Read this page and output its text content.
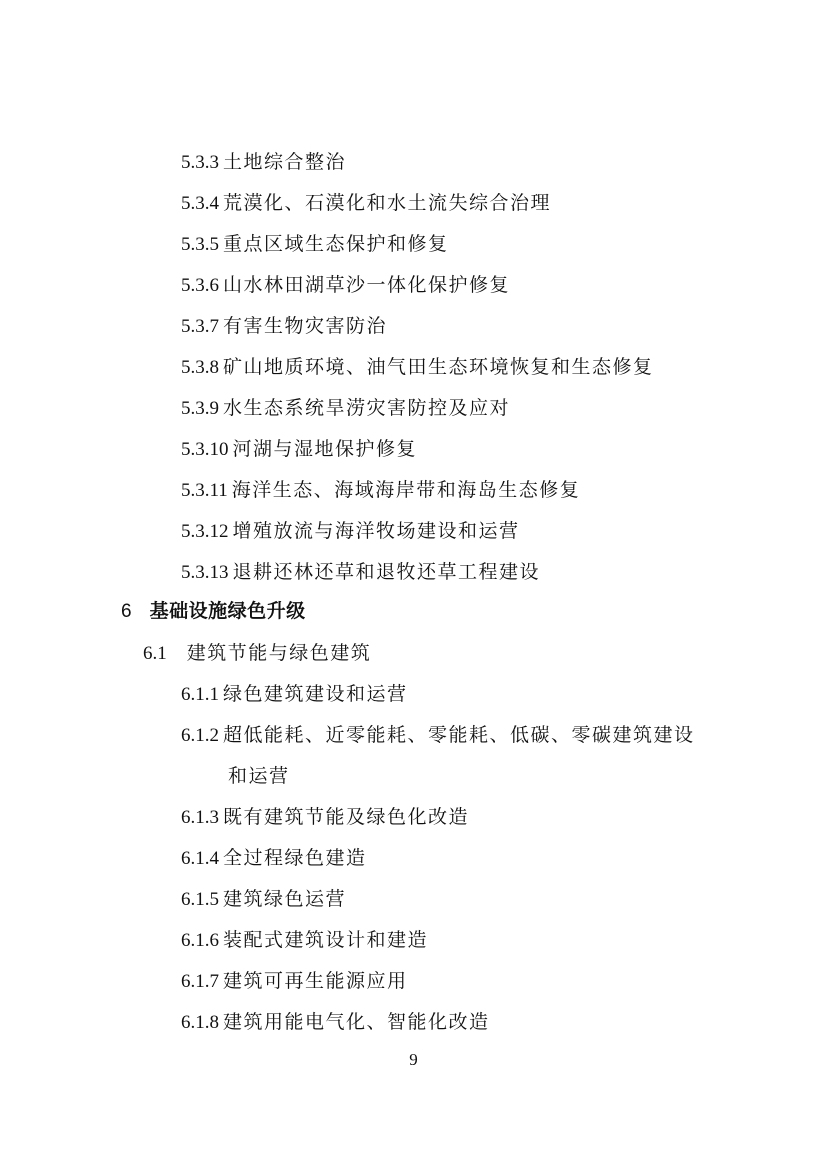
5.3.3 土地综合整治
5.3.4 荒漠化、石漠化和水土流失综合治理
5.3.5 重点区域生态保护和修复
5.3.6 山水林田湖草沙一体化保护修复
5.3.7 有害生物灾害防治
5.3.8 矿山地质环境、油气田生态环境恢复和生态修复
5.3.9 水生态系统旱涝灾害防控及应对
5.3.10 河湖与湿地保护修复
5.3.11 海洋生态、海域海岸带和海岛生态修复
5.3.12 增殖放流与海洋牧场建设和运营
5.3.13 退耕还林还草和退牧还草工程建设
6 基础设施绿色升级
6.1 建筑节能与绿色建筑
6.1.1 绿色建筑建设和运营
6.1.2 超低能耗、近零能耗、零能耗、低碳、零碳建筑建设
和运营
6.1.3 既有建筑节能及绿色化改造
6.1.4 全过程绿色建造
6.1.5 建筑绿色运营
6.1.6 装配式建筑设计和建造
6.1.7 建筑可再生能源应用
6.1.8 建筑用能电气化、智能化改造
9
